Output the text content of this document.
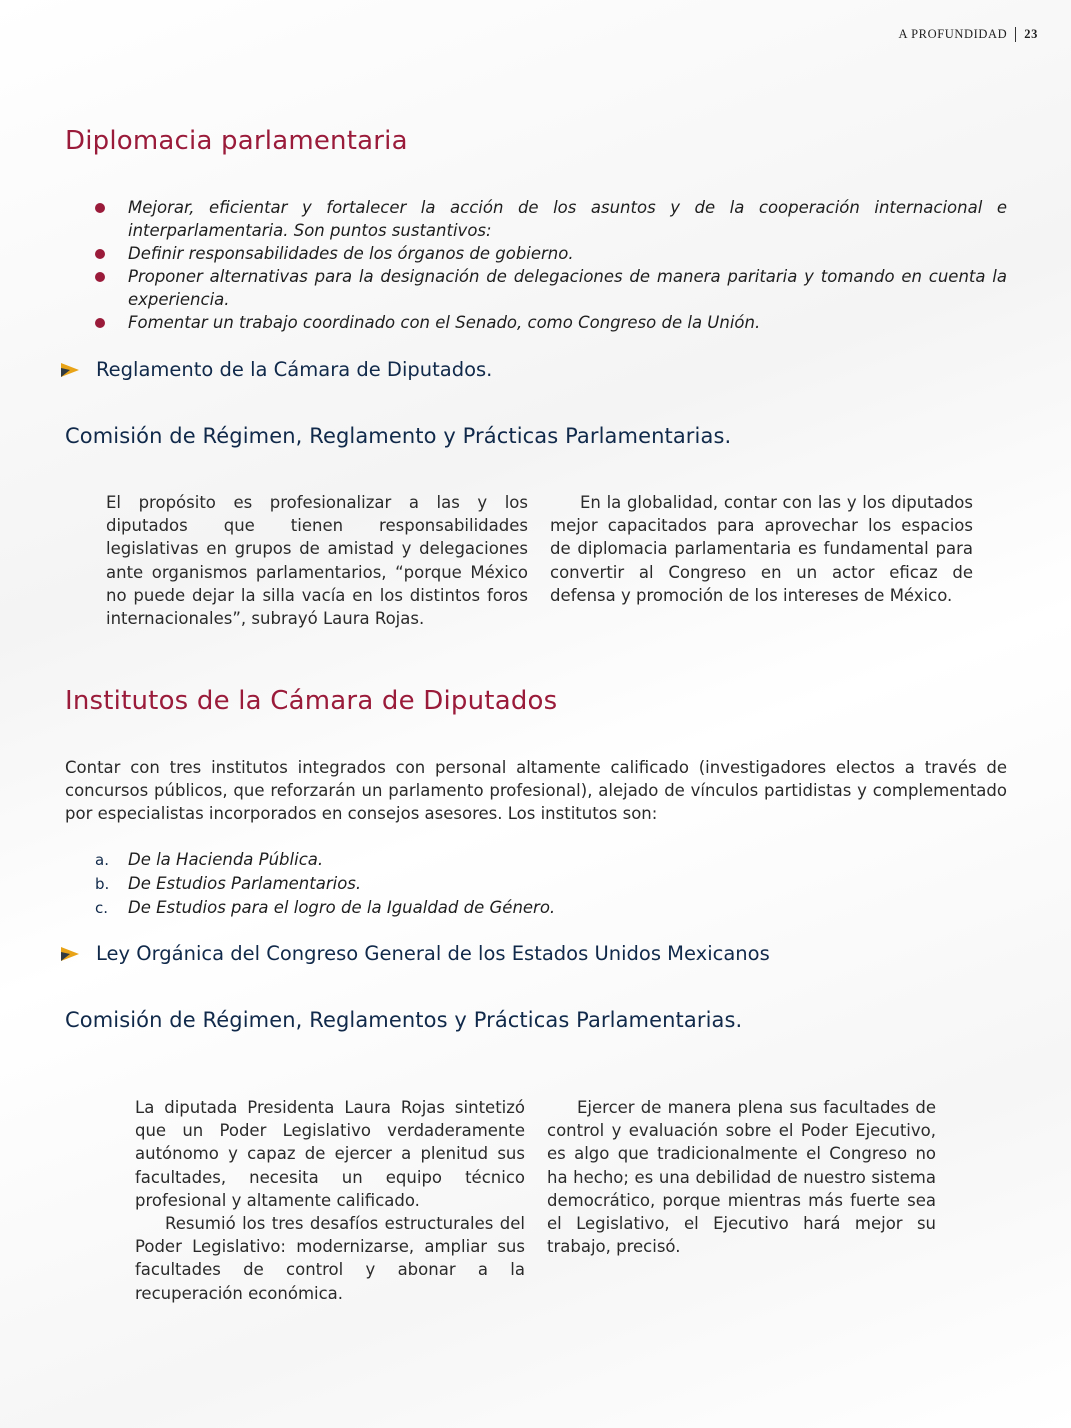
A PROFUNDIDAD 23
Diplomacia parlamentaria
Mejorar, eficientar y fortalecer la acción de los asuntos y de la cooperación internacional e interparlamentaria. Son puntos sustantivos:
Definir responsabilidades de los órganos de gobierno.
Proponer alternativas para la designación de delegaciones de manera paritaria y tomando en cuenta la experiencia.
Fomentar un trabajo coordinado con el Senado, como Congreso de la Unión.
Reglamento de la Cámara de Diputados .
Comisión de Régimen, Reglamento y Prácticas Parlamentarias.

El propósito es profesionalizar a las y los diputados que tienen responsabilidades legislativas en grupos de amistad y delegaciones ante organismos parlamentarios, “porque México no puede dejar la silla vacía en los distintos foros internacionales”, subrayó Laura Rojas.

En la globalidad, contar con las y los diputados mejor capacitados para aprovechar los espacios de diplomacia parlamentaria es fundamental para convertir al Congreso en un actor eficaz de defensa y promoción de los intereses de México.

Institutos de la Cámara de Diputados
Contar con tres institutos integrados con personal altamente calificado (investigadores electos a través de concursos públicos, que reforzarán un parlamento profesional), alejado de vínculos partidistas y complementado por especialistas incorporados en consejos asesores. Los institutos son:
a. De la Hacienda Pública.
b. De Estudios Parlamentarios.
c. De Estudios para el logro de la Igualdad de Género.
Ley Orgánica del Congreso General de los Estados Unidos Mexicanos
Comisión de Régimen, Reglamentos y Prácticas Parlamentarias.

La diputada Presidenta Laura Rojas sintetizó que un Poder Legislativo verdaderamente autónomo y capaz de ejercer a plenitud sus facultades, necesita un equipo técnico profesional y altamente calificado.

Resumió los tres desafíos estructurales del Poder Legislativo: modernizarse, ampliar sus facultades de control y abonar a la recuperación económica.

Ejercer de manera plena sus facultades de control y evaluación sobre el Poder Ejecutivo, es algo que tradicionalmente el Congreso no ha hecho; es una debilidad de nuestro sistema democrático, porque mientras más fuerte sea el Legislativo, el Ejecutivo hará mejor su trabajo, precisó.
